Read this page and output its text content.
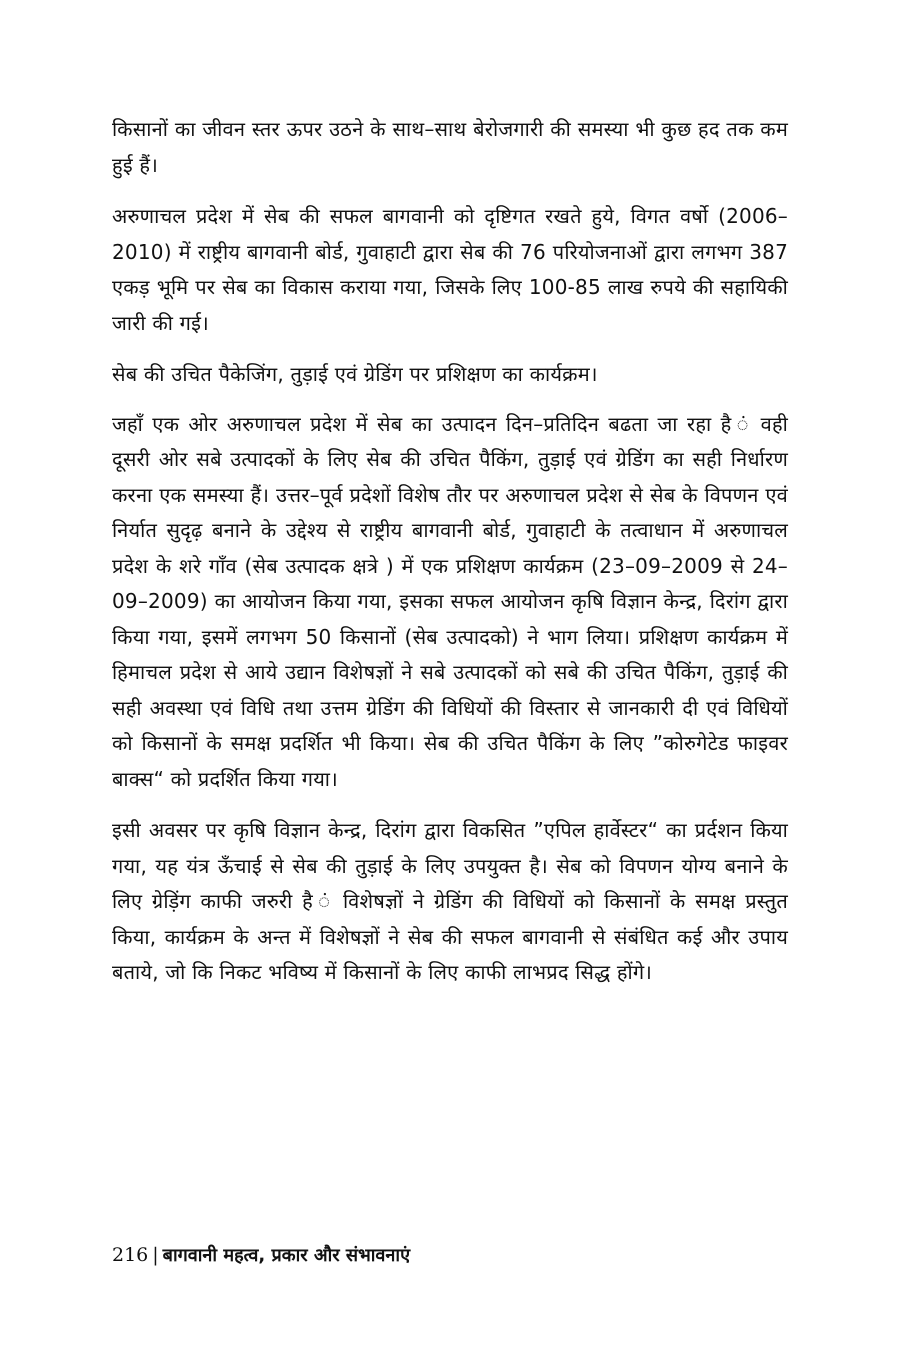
किसानों का जीवन स्तर ऊपर उठने के साथ–साथ बेरोजगारी की समस्या भी कुछ हद तक कम हुई हैं।

अरुणाचल प्रदेश में सेब की सफल बागवानी को दृष्टिगत रखते हुये, विगत वर्षो (2006–2010) में राष्ट्रीय बागवानी बोर्ड, गुवाहाटी द्वारा सेब की 76 परियोजनाओं द्वारा लगभग 387 एकड़ भूमि पर सेब का विकास कराया गया, जिसके लिए 100-85 लाख रुपये की सहायिकी जारी की गई।

सेब की उचित पैकेजिंग, तुड़ाई एवं ग्रेडिंग पर प्रशिक्षण का कार्यक्रम।

जहाँ एक ओर अरुणाचल प्रदेश में सेब का उत्पादन दिन–प्रतिदिन बढता जा रहा है ं वही दूसरी ओर सबे उत्पादकों के लिए सेब की उचित पैकिंग, तुड़ाई एवं ग्रेडिंग का सही निर्धारण करना एक समस्या हैं। उत्तर–पूर्व प्रदेशों विशेष तौर पर अरुणाचल प्रदेश से सेब के विपणन एवं निर्यात सुदृढ़ बनाने के उद्देश्य से राष्ट्रीय बागवानी बोर्ड, गुवाहाटी के तत्वाधान में अरुणाचल प्रदेश के शरे गाँव (सेब उत्पादक क्षत्रे ) में एक प्रशिक्षण कार्यक्रम (23–09–2009 से 24–09–2009) का आयोजन किया गया, इसका सफल आयोजन कृषि विज्ञान केन्द्र, दिरांग द्वारा किया गया, इसमें लगभग 50 किसानों (सेब उत्पादको) ने भाग लिया। प्रशिक्षण कार्यक्रम में हिमाचल प्रदेश से आये उद्यान विशेषज्ञों ने सबे उत्पादकों को सबे की उचित पैकिंग, तुड़ाई की सही अवस्था एवं विधि तथा उत्तम ग्रेडिंग की विधियों की विस्तार से जानकारी दी एवं विधियों को किसानों के समक्ष प्रदर्शित भी किया। सेब की उचित पैकिंग के लिए ”कोरुगेटेड फाइवर बाक्स“ को प्रदर्शित किया गया।

इसी अवसर पर कृषि विज्ञान केन्द्र, दिरांग द्वारा विकसित ”एपिल हार्वेस्टर“ का प्रर्दशन किया गया, यह यंत्र ऊँचाई से सेब की तुड़ाई के लिए उपयुक्त है। सेब को विपणन योग्य बनाने के लिए ग्रेड़िंग काफी जरुरी है ं विशेषज्ञों ने ग्रेडिंग की विधियों को किसानों के समक्ष प्रस्तुत किया, कार्यक्रम के अन्त में विशेषज्ञों ने सेब की सफल बागवानी से संबंधित कई और उपाय बताये, जो कि निकट भविष्य में किसानों के लिए काफी लाभप्रद सिद्ध होंगे।

216 | बागवानी महत्व, प्रकार और संभावनाएं
